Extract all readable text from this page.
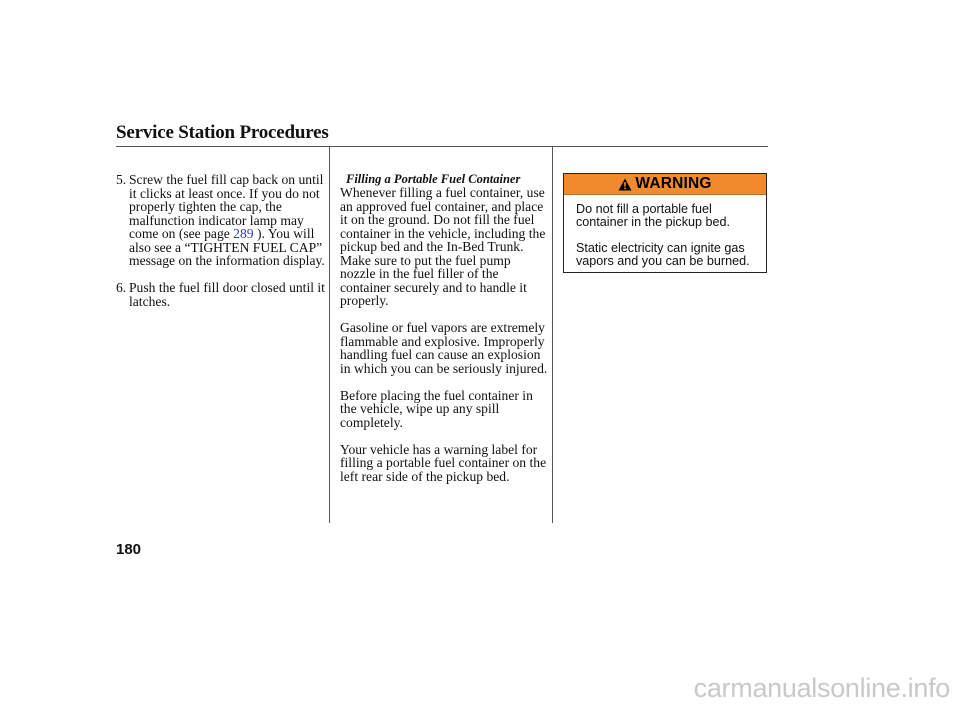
Service Station Procedures
5. Screw the fuel fill cap back on until it clicks at least once. If you do not properly tighten the cap, the malfunction indicator lamp may come on (see page 289 ). You will also see a “TIGHTEN FUEL CAP” message on the information display.
6. Push the fuel fill door closed until it latches.
Filling a Portable Fuel Container

Whenever filling a fuel container, use an approved fuel container, and place it on the ground. Do not fill the fuel container in the vehicle, including the pickup bed and the In-Bed Trunk. Make sure to put the fuel pump nozzle in the fuel filler of the container securely and to handle it properly.

Gasoline or fuel vapors are extremely flammable and explosive. Improperly handling fuel can cause an explosion in which you can be seriously injured.

Before placing the fuel container in the vehicle, wipe up any spill completely.

Your vehicle has a warning label for filling a portable fuel container on the left rear side of the pickup bed.

WARNING

Do not fill a portable fuel container in the pickup bed.

Static electricity can ignite gas vapors and you can be burned.

180
carmanualsonline.info
